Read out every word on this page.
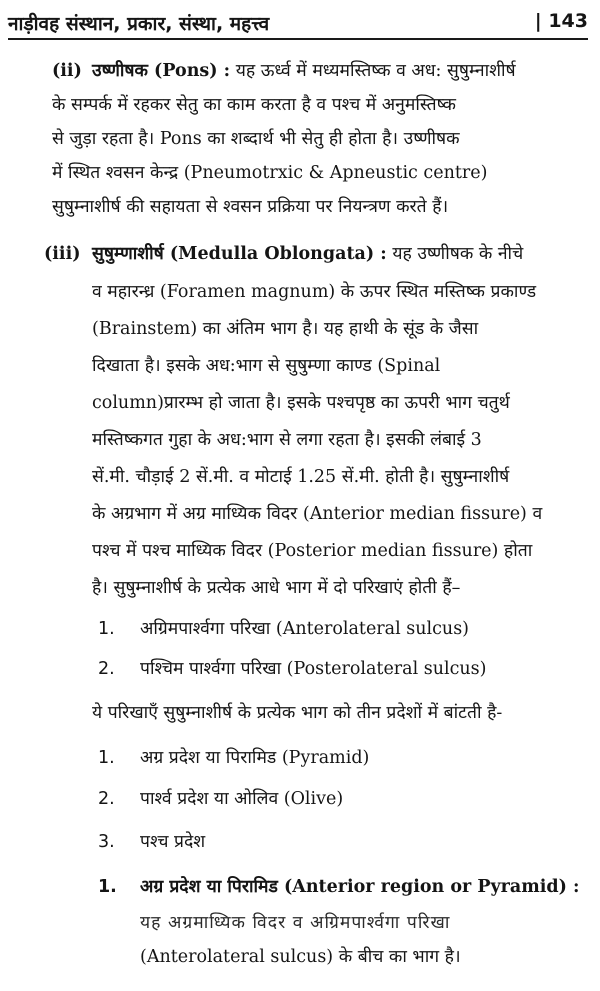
नाड़ीवह संस्थान, प्रकार, संस्था, महत्त्व	| 143
(ii) उष्णीषक (Pons) : यह ऊर्ध्व में मध्यमस्तिष्क व अध: सुषुम्नाशीर्ष
के सम्पर्क में रहकर सेतु का काम करता है व पश्च में अनुमस्तिष्क
से जुड़ा रहता है। Pons का शब्दार्थ भी सेतु ही होता है। उष्णीषक
में स्थित श्वसन केन्द्र (Pneumotrxic & Apneustic centre)
सुषुम्नाशीर्ष की सहायता से श्वसन प्रक्रिया पर नियन्त्रण करते हैं।
(iii) सुषुम्णाशीर्ष (Medulla Oblongata) : यह उष्णीषक के नीचे
व महारन्ध्र (Foramen magnum) के ऊपर स्थित मस्तिष्क प्रकाण्ड
(Brainstem) का अंतिम भाग है। यह हाथी के सूंड के जैसा
दिखाता है। इसके अध:भाग से सुषुम्णा काण्ड (Spinal
column)प्रारम्भ हो जाता है। इसके पश्चपृष्ठ का ऊपरी भाग चतुर्थ
मस्तिष्कगत गुहा के अध:भाग से लगा रहता है। इसकी लंबाई 3
सें.मी. चौड़ाई 2 सें.मी. व मोटाई 1.25 सें.मी. होती है। सुषुम्नाशीर्ष
के अग्रभाग में अग्र माध्यिक विदर (Anterior median fissure) व
पश्च में पश्च माध्यिक विदर (Posterior median fissure) होता
है। सुषुम्नाशीर्ष के प्रत्येक आधे भाग में दो परिखाएं होती हैं–
1. अग्रिमपार्श्वगा परिखा (Anterolateral sulcus)
2. पश्चिम पार्श्वगा परिखा (Posterolateral sulcus)
ये परिखाएँ सुषुम्नाशीर्ष के प्रत्येक भाग को तीन प्रदेशों में बांटती है-
1. अग्र प्रदेश या पिरामिड (Pyramid)
2. पार्श्व प्रदेश या ओलिव (Olive)
3. पश्च प्रदेश
1. अग्र प्रदेश या पिरामिड (Anterior region or Pyramid) :
यह अग्रमाध्यिक विदर व अग्रिमपार्श्वगा परिखा
(Anterolateral sulcus) के बीच का भाग है।
